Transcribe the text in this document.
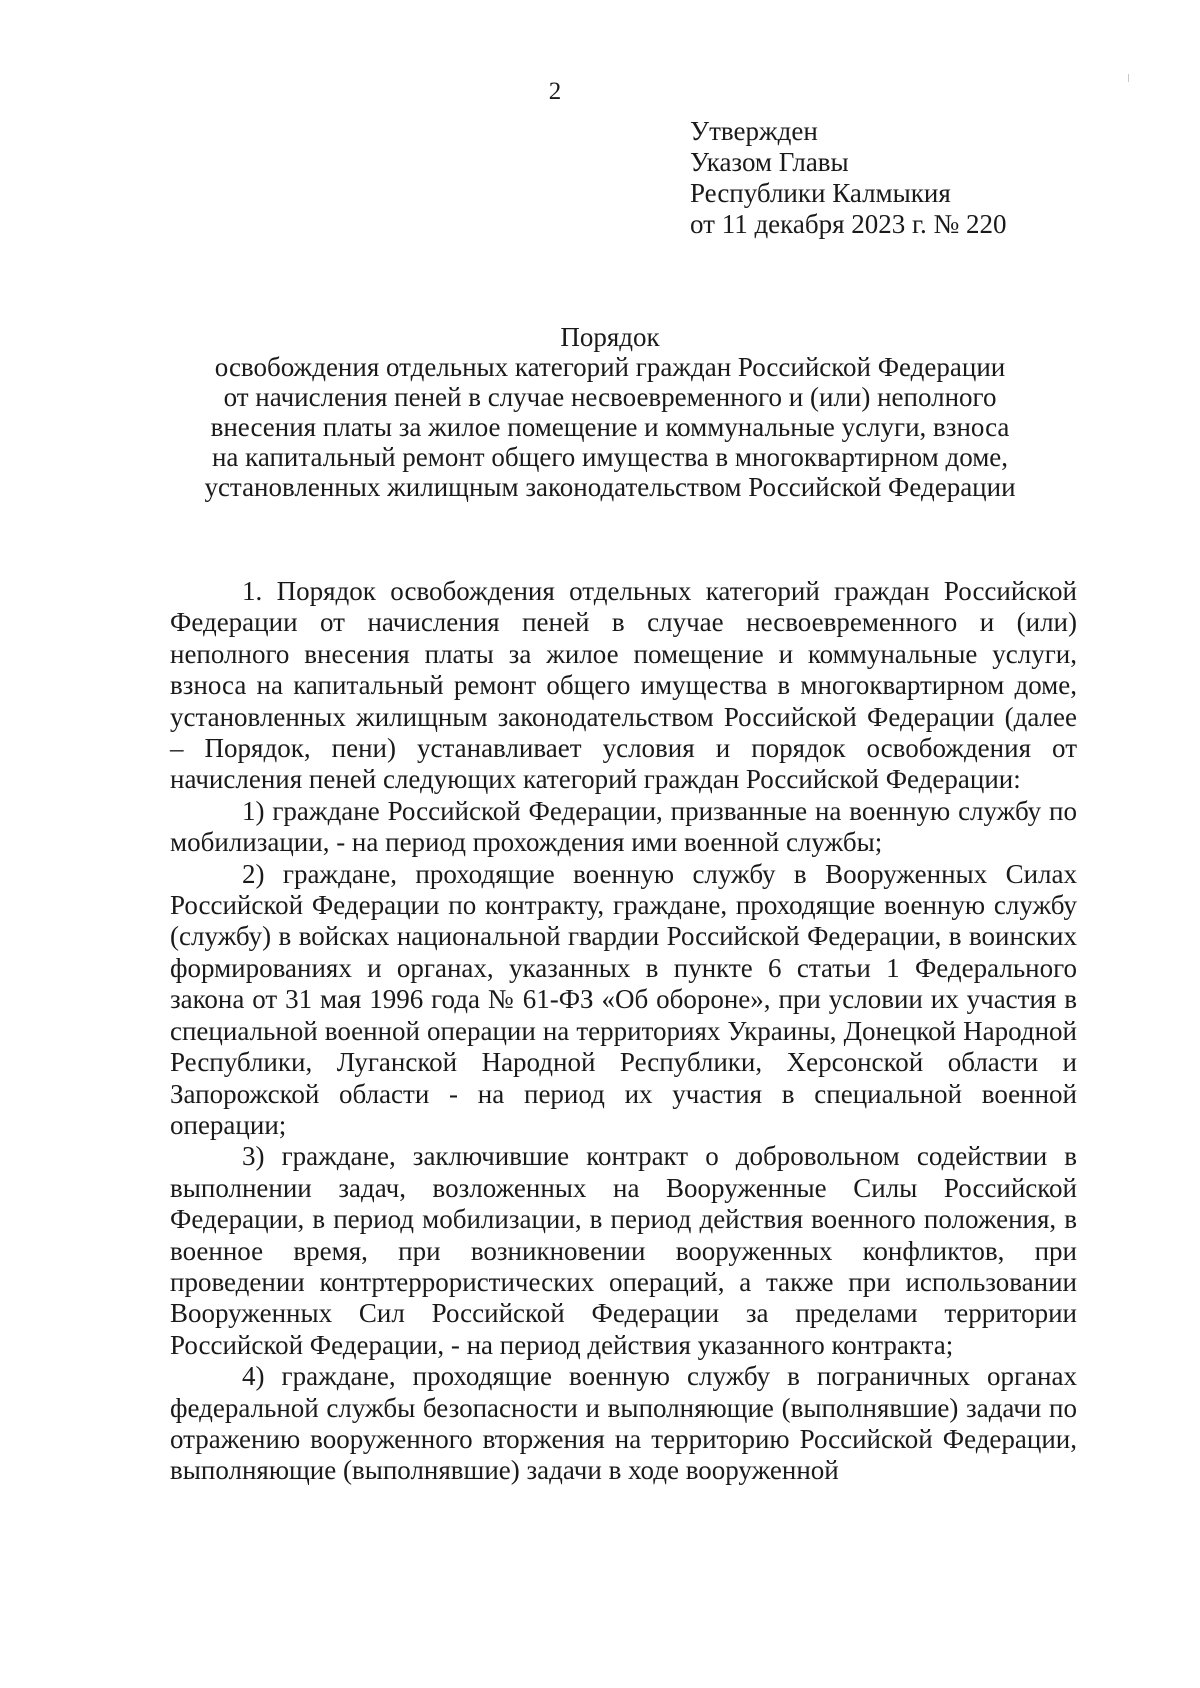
2
Утвержден
Указом Главы
Республики Калмыкия
от 11 декабря 2023 г. № 220
Порядок
освобождения отдельных категорий граждан Российской Федерации
от начисления пеней в случае несвоевременного и (или) неполного
внесения платы за жилое помещение и коммунальные услуги, взноса
на капитальный ремонт общего имущества в многоквартирном доме,
установленных жилищным законодательством Российской Федерации

1. Порядок освобождения отдельных категорий граждан Российской Федерации от начисления пеней в случае несвоевременного и (или) неполного внесения платы за жилое помещение и коммунальные услуги, взноса на капитальный ремонт общего имущества в многоквартирном доме, установленных жилищным законодательством Российской Федерации (далее – Порядок, пени) устанавливает условия и порядок освобождения от начисления пеней следующих категорий граждан Российской Федерации:

1) граждане Российской Федерации, призванные на военную службу по мобилизации, - на период прохождения ими военной службы;

2) граждане, проходящие военную службу в Вооруженных Силах Российской Федерации по контракту, граждане, проходящие военную службу (службу) в войсках национальной гвардии Российской Федерации, в воинских формированиях и органах, указанных в пункте 6 статьи 1 Федерального закона от 31 мая 1996 года № 61-ФЗ «Об обороне», при условии их участия в специальной военной операции на территориях Украины, Донецкой Народной Республики, Луганской Народной Республики, Херсонской области и Запорожской области - на период их участия в специальной военной операции;

3) граждане, заключившие контракт о добровольном содействии в выполнении задач, возложенных на Вооруженные Силы Российской Федерации, в период мобилизации, в период действия военного положения, в военное время, при возникновении вооруженных конфликтов, при проведении контртеррористических операций, а также при использовании Вооруженных Сил Российской Федерации за пределами территории Российской Федерации, - на период действия указанного контракта;

4) граждане, проходящие военную службу в пограничных органах федеральной службы безопасности и выполняющие (выполнявшие) задачи по отражению вооруженного вторжения на территорию Российской Федерации, выполняющие (выполнявшие) задачи в ходе вооруженной
